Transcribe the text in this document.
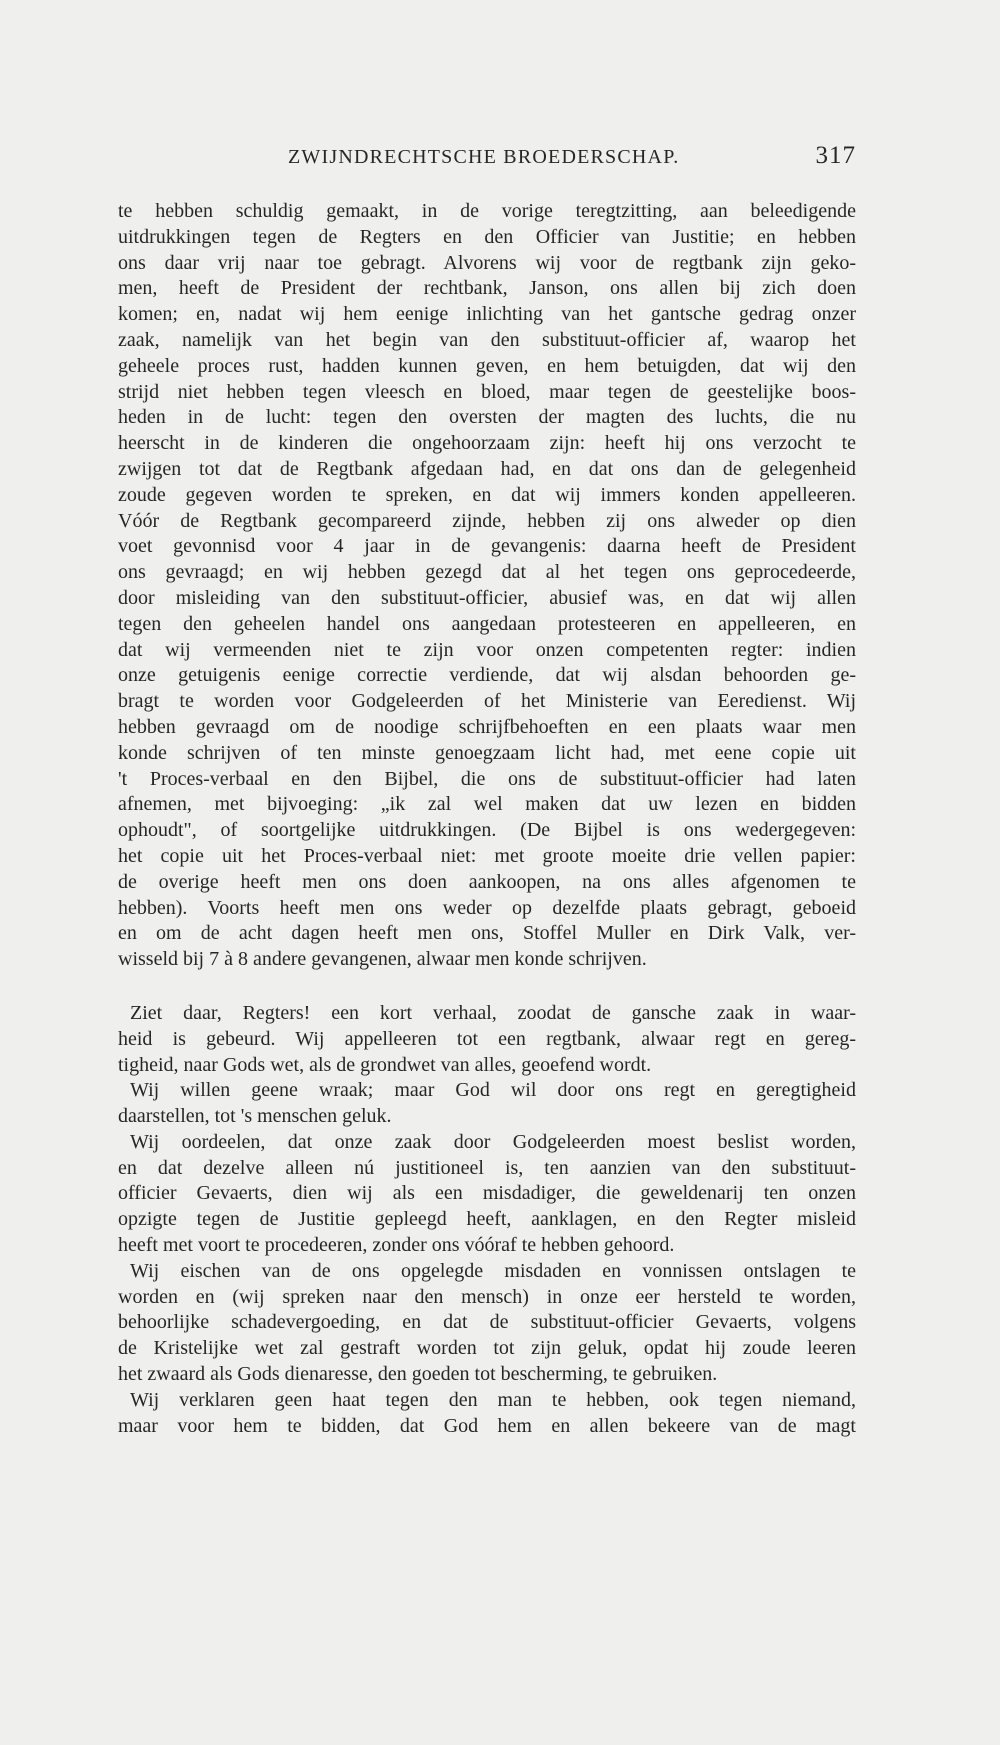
ZWIJNDRECHTSCHE BROEDERSCHAP.	317
te hebben schuldig gemaakt, in de vorige teregtzitting, aan beleedigende
uitdrukkingen tegen de Regters en den Officier van Justitie; en hebben
ons daar vrij naar toe gebragt. Alvorens wij voor de regtbank zijn geko-
men, heeft de President der rechtbank, Janson, ons allen bij zich doen
komen; en, nadat wij hem eenige inlichting van het gantsche gedrag onzer
zaak, namelijk van het begin van den substituut-officier af, waarop het
geheele proces rust, hadden kunnen geven, en hem betuigden, dat wij den
strijd niet hebben tegen vleesch en bloed, maar tegen de geestelijke boos-
heden in de lucht: tegen den oversten der magten des luchts, die nu
heerscht in de kinderen die ongehoorzaam zijn: heeft hij ons verzocht te
zwijgen tot dat de Regtbank afgedaan had, en dat ons dan de gelegenheid
zoude gegeven worden te spreken, en dat wij immers konden appelleeren.
Vóór de Regtbank gecompareerd zijnde, hebben zij ons alweder op dien
voet gevonnisd voor 4 jaar in de gevangenis: daarna heeft de President
ons gevraagd; en wij hebben gezegd dat al het tegen ons geprocedeerde,
door misleiding van den substituut-officier, abusief was, en dat wij allen
tegen den geheelen handel ons aangedaan protesteeren en appelleeren, en
dat wij vermeenden niet te zijn voor onzen competenten regter: indien
onze getuigenis eenige correctie verdiende, dat wij alsdan behoorden ge-
bragt te worden voor Godgeleerden of het Ministerie van Eeredienst. Wij
hebben gevraagd om de noodige schrijfbehoeften en een plaats waar men
konde schrijven of ten minste genoegzaam licht had, met eene copie uit
't Proces-verbaal en den Bijbel, die ons de substituut-officier had laten
afnemen, met bijvoeging: „ik zal wel maken dat uw lezen en bidden
ophoudt", of soortgelijke uitdrukkingen. (De Bijbel is ons wedergegeven:
het copie uit het Proces-verbaal niet: met groote moeite drie vellen papier:
de overige heeft men ons doen aankoopen, na ons alles afgenomen te
hebben). Voorts heeft men ons weder op dezelfde plaats gebragt, geboeid
en om de acht dagen heeft men ons, Stoffel Muller en Dirk Valk, ver-
wisseld bij 7 à 8 andere gevangenen, alwaar men konde schrijven.
Ziet daar, Regters! een kort verhaal, zoodat de gansche zaak in waar-
heid is gebeurd. Wij appelleeren tot een regtbank, alwaar regt en gereg-
tigheid, naar Gods wet, als de grondwet van alles, geoefend wordt.
Wij willen geene wraak; maar God wil door ons regt en geregtigheid
daarstellen, tot 's menschen geluk.
Wij oordeelen, dat onze zaak door Godgeleerden moest beslist worden,
en dat dezelve alleen nú justitioneel is, ten aanzien van den substituut-
officier Gevaerts, dien wij als een misdadiger, die geweldenarij ten onzen
opzigte tegen de Justitie gepleegd heeft, aanklagen, en den Regter misleid
heeft met voort te procedeeren, zonder ons vóóraf te hebben gehoord.
Wij eischen van de ons opgelegde misdaden en vonnissen ontslagen te
worden en (wij spreken naar den mensch) in onze eer hersteld te worden,
behoorlijke schadevergoeding, en dat de substituut-officier Gevaerts, volgens
de Kristelijke wet zal gestraft worden tot zijn geluk, opdat hij zoude leeren
het zwaard als Gods dienaresse, den goeden tot bescherming, te gebruiken.
Wij verklaren geen haat tegen den man te hebben, ook tegen niemand,
maar voor hem te bidden, dat God hem en allen bekeere van de magt
